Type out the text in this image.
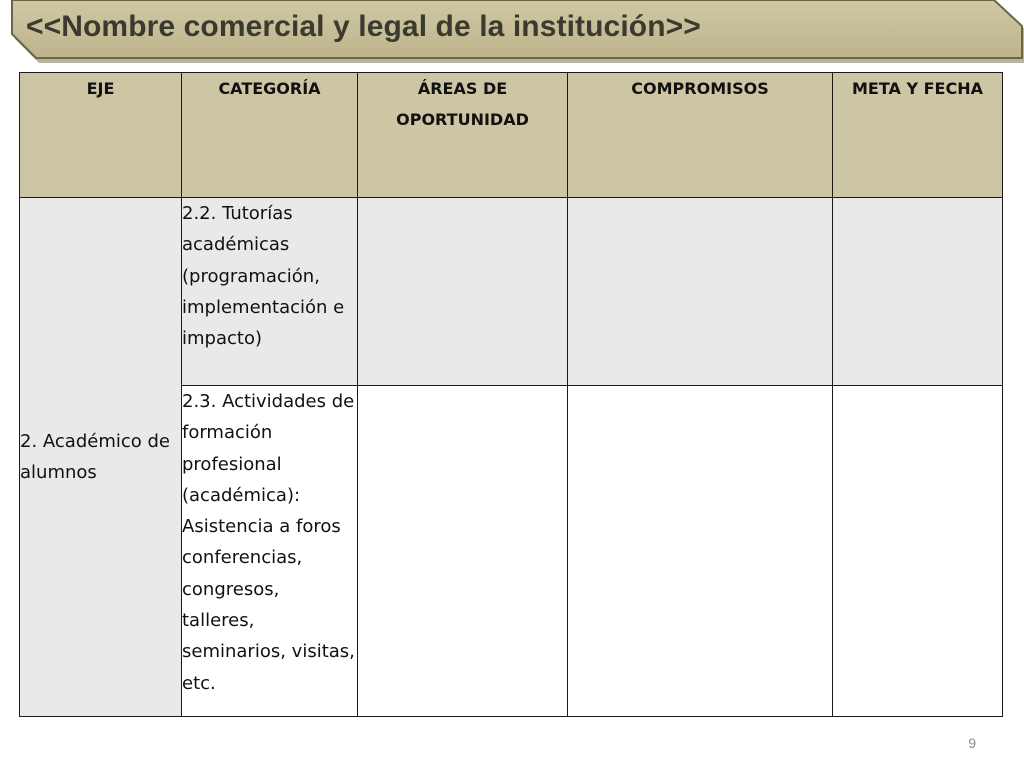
<<Nombre comercial y legal de la institución>>
EJE	CATEGORÍA	ÁREAS DE OPORTUNIDAD	COMPROMISOS	META Y FECHA
2. Académico de alumnos	2.2. Tutorías académicas (programación, implementación e impacto)			
	2.3. Actividades de formación profesional (académica): Asistencia a foros conferencias, congresos, talleres, seminarios, visitas, etc.			
9
